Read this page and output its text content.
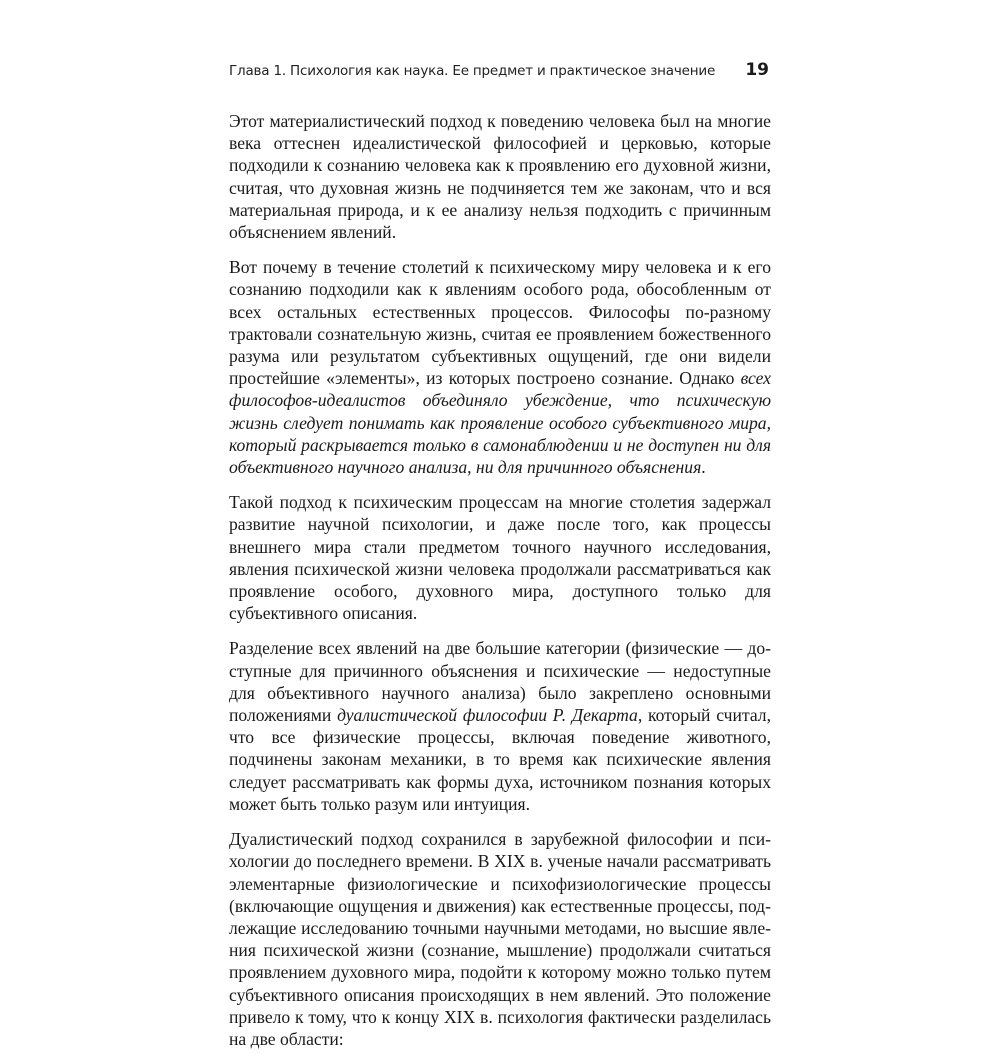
Глава 1. Психология как наука. Ее предмет и практическое значение 19

Этот материалистический подход к поведению человека был на многие века оттеснен идеалистической философией и церковью, которые подходили к сознанию человека как к проявлению его духовной жизни, считая, что духовная жизнь не подчиняется тем же законам, что и вся материальная природа, и к ее анализу нельзя подходить с причинным объяснением явлений.

Вот почему в течение столетий к психическому миру человека и к его сознанию подходили как к явлениям особого рода, обособленным от всех остальных естественных процессов. Философы по-разному трактовали сознательную жизнь, считая ее проявлением божественного разума или результатом субъективных ощущений, где они видели простейшие «элементы», из которых построено сознание. Однако всех философов-идеалистов объединяло убеждение, что психическую жизнь следует понимать как проявление особого субъективного мира, который раскрывается только в самонаблюдении и не доступен ни для объективного научного анализа, ни для причинного объяснения.

Такой подход к психическим процессам на многие столетия задержал развитие научной психологии, и даже после того, как процессы внешнего мира стали предметом точного научного исследования, явления психической жизни человека продолжали рассматриваться как проявление особого, духовного мира, доступного только для субъективного описания.

Разделение всех явлений на две большие категории (физические — доступные для причинного объяснения и психические — недоступные для объективного научного анализа) было закреплено основными положениями дуалистической философии Р. Декарта, который считал, что все физические процессы, включая поведение животного, подчинены законам механики, в то время как психические явления следует рассматривать как формы духа, источником познания которых может быть только разум или интуиция.

Дуалистический подход сохранился в зарубежной философии и психологии до последнего времени. В XIX в. ученые начали рассматривать элементарные физиологические и психофизиологические процессы (включающие ощущения и движения) как естественные процессы, подлежащие исследованию точными научными методами, но высшие явления психической жизни (сознание, мышление) продолжали считаться проявлением духовного мира, подойти к которому можно только путем субъективного описания происходящих в нем явлений. Это положение привело к тому, что к концу XIX в. психология фактически разделилась на две области:
